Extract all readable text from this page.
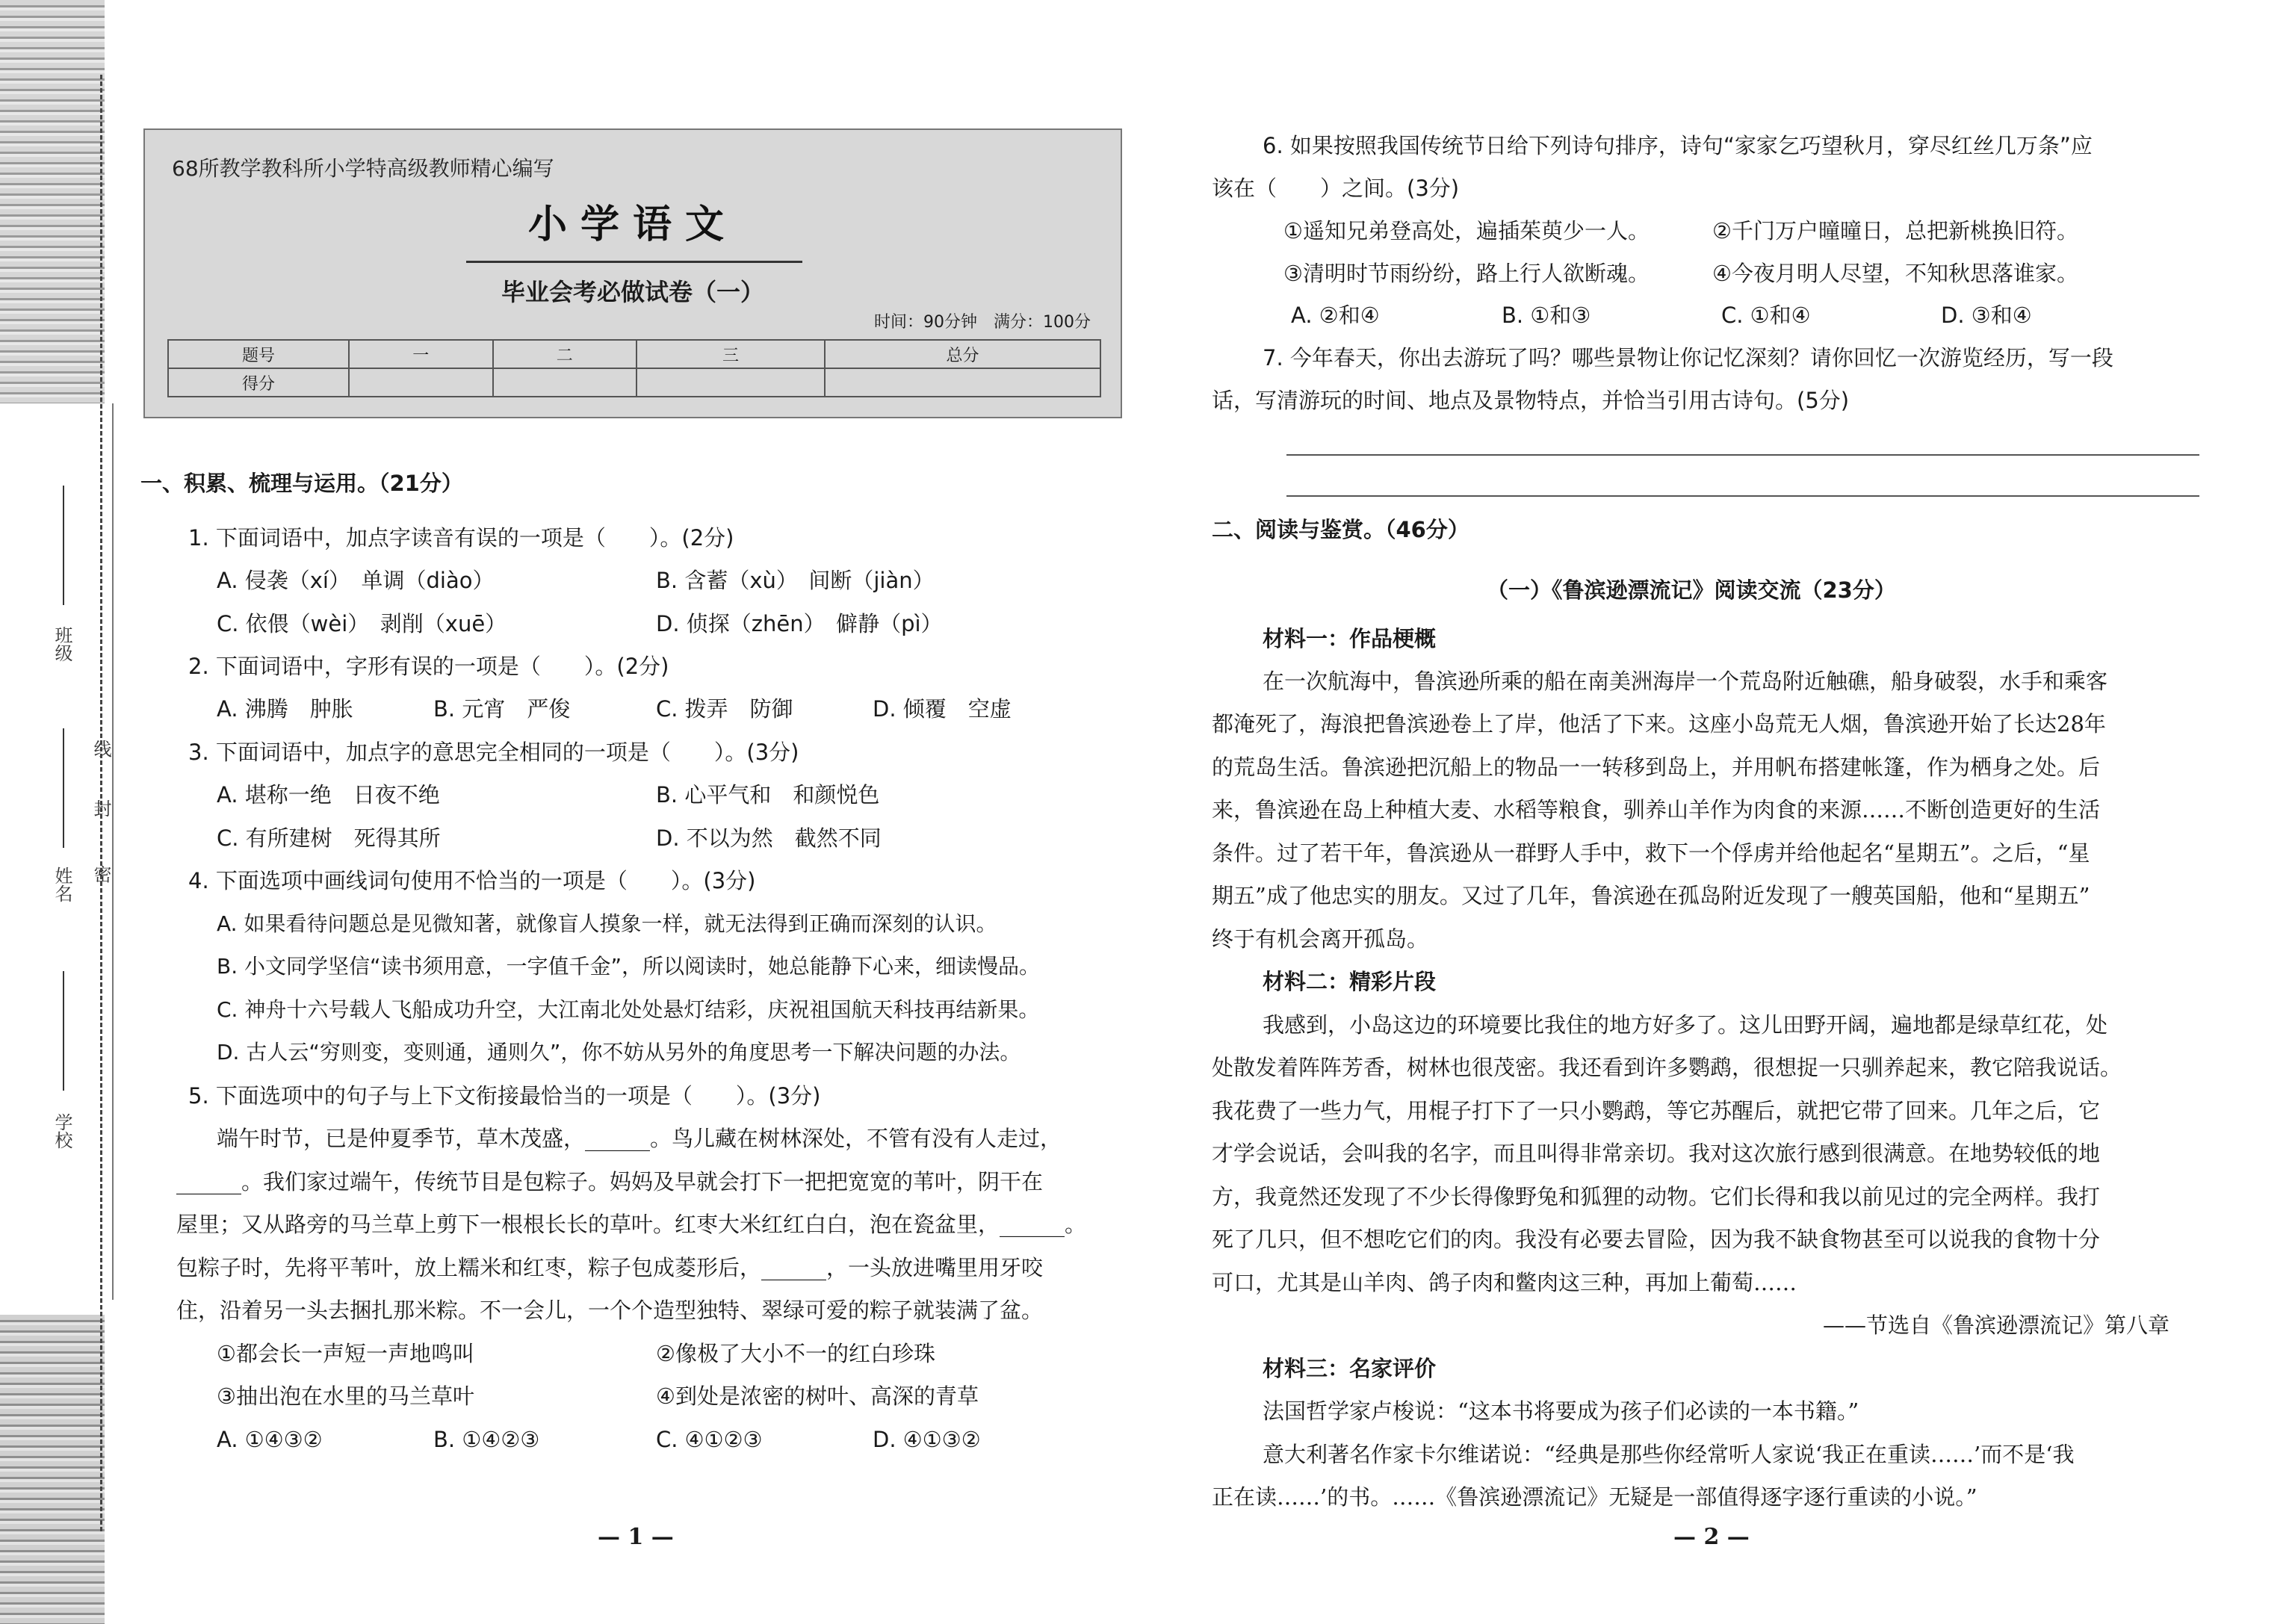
班级
姓名
学校
线
封
密
68所教学教科所小学特高级教师精心编写
小学语文
毕业会考必做试卷（一）
时间：90分钟　满分：100分
题号	一	二	三	总分
得分				
一、积累、梳理与运用。（21分）
1. 下面词语中，加点字读音有误的一项是（　　）。(2分)
A. 侵袭（xí）　单调（diào）	B. 含蓄（xù）　间断（jiàn）
C. 依偎（wèi）　剥削（xuē）	D. 侦探（zhēn）　僻静（pì）
2. 下面词语中，字形有误的一项是（　　）。(2分)
A. 沸腾　肿胀	B. 元宵　严俊	C. 拨弄　防御	D. 倾覆　空虚
3. 下面词语中，加点字的意思完全相同的一项是（　　）。(3分)
A. 堪称一绝　日夜不绝	B. 心平气和　和颜悦色
C. 有所建树　死得其所	D. 不以为然　截然不同
4. 下面选项中画线词句使用不恰当的一项是（　　）。(3分)
A. 如果看待问题总是见微知著，就像盲人摸象一样，就无法得到正确而深刻的认识。
B. 小文同学坚信“读书须用意，一字值千金”，所以阅读时，她总能静下心来，细读慢品。
C. 神舟十六号载人飞船成功升空，大江南北处处悬灯结彩，庆祝祖国航天科技再结新果。
D. 古人云“穷则变，变则通，通则久”，你不妨从另外的角度思考一下解决问题的办法。
5. 下面选项中的句子与上下文衔接最恰当的一项是（　　）。(3分)
端午时节，已是仲夏季节，草木茂盛，______。鸟儿藏在树林深处，不管有没有人走过，
______。我们家过端午，传统节目是包粽子。妈妈及早就会打下一把把宽宽的苇叶，阴干在
屋里；又从路旁的马兰草上剪下一根根长长的草叶。红枣大米红红白白，泡在瓷盆里，______。
包粽子时，先将平苇叶，放上糯米和红枣，粽子包成菱形后，______，一头放进嘴里用牙咬
住，沿着另一头去捆扎那米粽。不一会儿，一个个造型独特、翠绿可爱的粽子就装满了盆。
①都会长一声短一声地鸣叫	②像极了大小不一的红白珍珠
③抽出泡在水里的马兰草叶	④到处是浓密的树叶、高深的青草
A. ①④③②	B. ①④②③	C. ④①②③	D. ④①③②
— 1 —
6. 如果按照我国传统节日给下列诗句排序，诗句“家家乞巧望秋月，穿尽红丝几万条”应
该在（　　）之间。(3分)
①遥知兄弟登高处，遍插茱萸少一人。	②千门万户曈曈日，总把新桃换旧符。
③清明时节雨纷纷，路上行人欲断魂。	④今夜月明人尽望，不知秋思落谁家。
A. ②和④	B. ①和③	C. ①和④	D. ③和④
7. 今年春天，你出去游玩了吗？哪些景物让你记忆深刻？请你回忆一次游览经历，写一段
话，写清游玩的时间、地点及景物特点，并恰当引用古诗句。(5分)
二、阅读与鉴赏。（46分）
（一）《鲁滨逊漂流记》阅读交流（23分）
材料一：作品梗概
在一次航海中，鲁滨逊所乘的船在南美洲海岸一个荒岛附近触礁，船身破裂，水手和乘客
都淹死了，海浪把鲁滨逊卷上了岸，他活了下来。这座小岛荒无人烟，鲁滨逊开始了长达28年
的荒岛生活。鲁滨逊把沉船上的物品一一转移到岛上，并用帆布搭建帐篷，作为栖身之处。后
来，鲁滨逊在岛上种植大麦、水稻等粮食，驯养山羊作为肉食的来源……不断创造更好的生活
条件。过了若干年，鲁滨逊从一群野人手中，救下一个俘虏并给他起名“星期五”。之后，“星
期五”成了他忠实的朋友。又过了几年，鲁滨逊在孤岛附近发现了一艘英国船，他和“星期五”
终于有机会离开孤岛。
材料二：精彩片段
我感到，小岛这边的环境要比我住的地方好多了。这儿田野开阔，遍地都是绿草红花，处
处散发着阵阵芳香，树林也很茂密。我还看到许多鹦鹉，很想捉一只驯养起来，教它陪我说话。
我花费了一些力气，用棍子打下了一只小鹦鹉，等它苏醒后，就把它带了回来。几年之后，它
才学会说话，会叫我的名字，而且叫得非常亲切。我对这次旅行感到很满意。在地势较低的地
方，我竟然还发现了不少长得像野兔和狐狸的动物。它们长得和我以前见过的完全两样。我打
死了几只，但不想吃它们的肉。我没有必要去冒险，因为我不缺食物甚至可以说我的食物十分
可口，尤其是山羊肉、鸽子肉和鳖肉这三种，再加上葡萄……
——节选自《鲁滨逊漂流记》第八章
材料三：名家评价
法国哲学家卢梭说：“这本书将要成为孩子们必读的一本书籍。”
意大利著名作家卡尔维诺说：“经典是那些你经常听人家说‘我正在重读……’而不是‘我
正在读……’的书。……《鲁滨逊漂流记》无疑是一部值得逐字逐行重读的小说。”
— 2 —
